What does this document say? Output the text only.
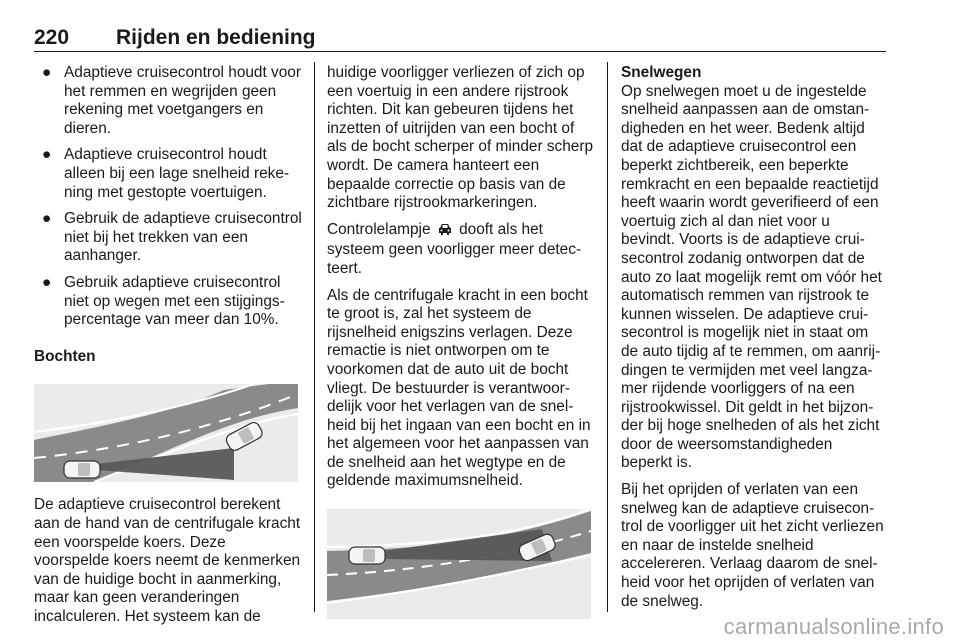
220 Rijden en bediening
● Adaptieve cruisecontrol houdt voor het remmen en wegrijden geen rekening met voetgangers en dieren.
● Adaptieve cruisecontrol houdt alleen bij een lage snelheid rekening met gestopte voertuigen.
● Gebruik de adaptieve cruisecontrol niet bij het trekken van een aanhanger.
● Gebruik adaptieve cruisecontrol niet op wegen met een stijgingspercentage van meer dan 10%.
Bochten

De adaptieve cruisecontrol berekent aan de hand van de centrifugale kracht een voorspelde koers. Deze voorspelde koers neemt de kenmerken van de huidige bocht in aanmerking, maar kan geen veranderingen incalculeren. Het systeem kan de

huidige voorligger verliezen of zich op een voertuig in een andere rijstrook richten. Dit kan gebeuren tijdens het inzetten of uitrijden van een bocht of als de bocht scherper of minder scherp wordt. De camera hanteert een bepaalde correctie op basis van de zichtbare rijstrookmarkeringen.

Controlelampje dooft als het systeem geen voorligger meer detecteert.

Als de centrifugale kracht in een bocht te groot is, zal het systeem de rijsnelheid enigszins verlagen. Deze remactie is niet ontworpen om te voorkomen dat de auto uit de bocht vliegt. De bestuurder is verantwoordelijk voor het verlagen van de snelheid bij het ingaan van een bocht en in het algemeen voor het aanpassen van de snelheid aan het wegtype en de geldende maximumsnelheid.

Snelwegen

Op snelwegen moet u de ingestelde snelheid aanpassen aan de omstandigheden en het weer. Bedenk altijd dat de adaptieve cruisecontrol een beperkt zichtbereik, een beperkte remkracht en een bepaalde reactietijd heeft waarin wordt geverifieerd of een voertuig zich al dan niet voor u bevindt. Voorts is de adaptieve cruisecontrol zodanig ontworpen dat de auto zo laat mogelijk remt om vóór het automatisch remmen van rijstrook te kunnen wisselen. De adaptieve cruisecontrol is mogelijk niet in staat om de auto tijdig af te remmen, om aanrijdingen te vermijden met veel langzamer rijdende voorliggers of na een rijstrookwissel. Dit geldt in het bijzonder bij hoge snelheden of als het zicht door de weersomstandigheden beperkt is.

Bij het oprijden of verlaten van een snelweg kan de adaptieve cruisecontrol de voorligger uit het zicht verliezen en naar de instelde snelheid accelereren. Verlaag daarom de snelheid voor het oprijden of verlaten van de snelweg.

carmanualsonline.info
